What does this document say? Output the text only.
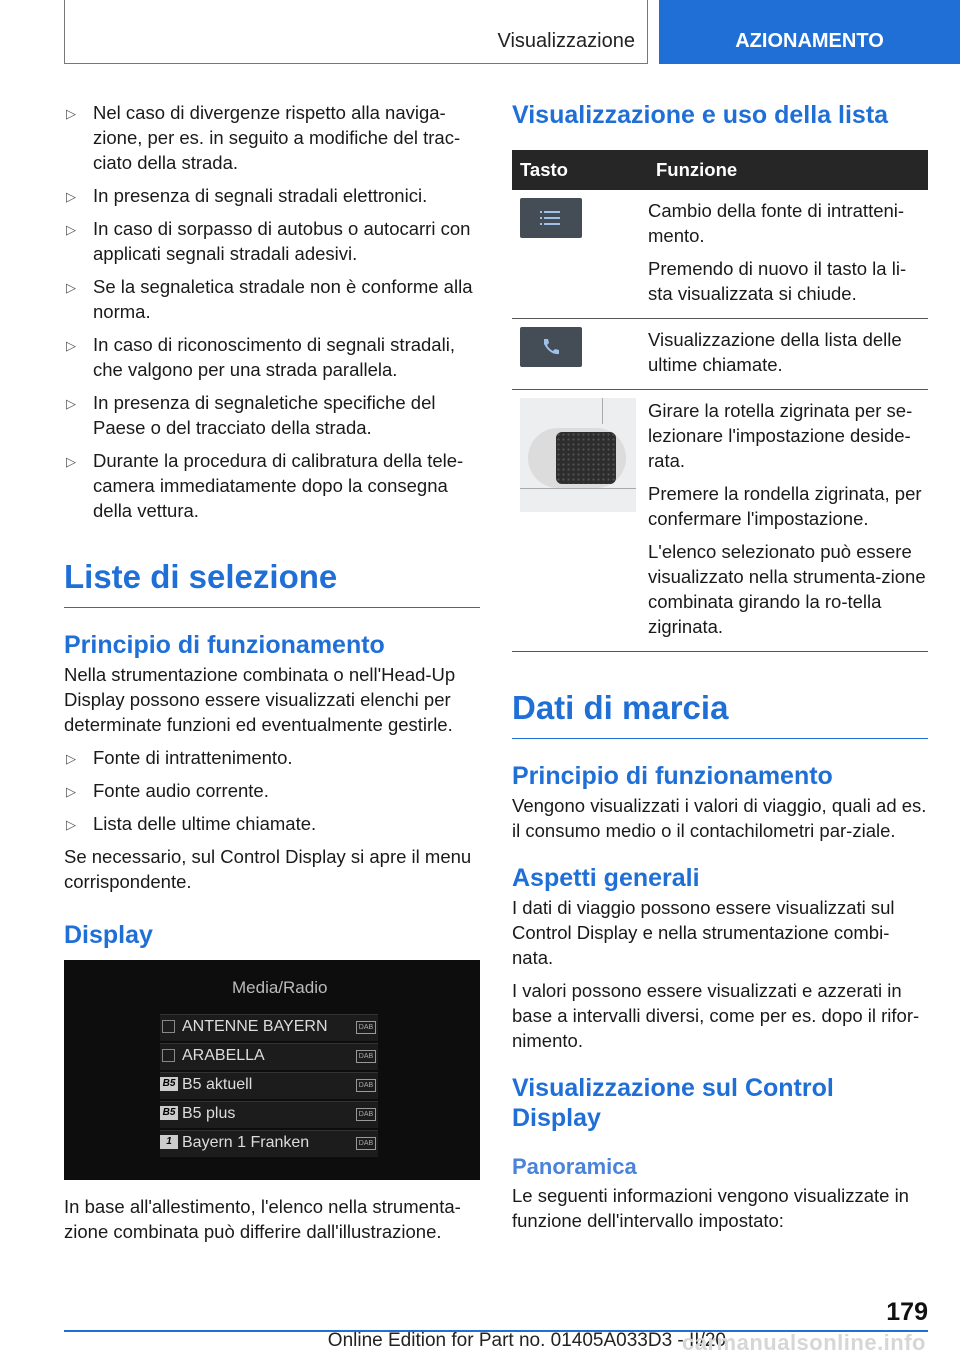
Visualizzazione	AZIONAMENTO
▷ Nel caso di divergenze rispetto alla naviga-zione, per es. in seguito a modifiche del trac-ciato della strada.
▷ In presenza di segnali stradali elettronici.
▷ In caso di sorpasso di autobus o autocarri con applicati segnali stradali adesivi.
▷ Se la segnaletica stradale non è conforme alla norma.
▷ In caso di riconoscimento di segnali stradali, che valgono per una strada parallela.
▷ In presenza di segnaletiche specifiche del Paese o del tracciato della strada.
▷ Durante la procedura di calibratura della tele-camera immediatamente dopo la consegna della vettura.
Liste di selezione
Principio di funzionamento

Nella strumentazione combinata o nell'Head-Up Display possono essere visualizzati elenchi per determinate funzioni ed eventualmente gestirle.

▷ Fonte di intrattenimento.
▷ Fonte audio corrente.
▷ Lista delle ultime chiamate.

Se necessario, sul Control Display si apre il menu corrispondente.

Display
Media/Radio
ANTENNE BAYERN	DAB
ARABELLA	DAB
B5 B5 aktuell	DAB
B5 B5 plus	DAB
1 Bayern 1 Franken	DAB

In base all'allestimento, l'elenco nella strumenta-zione combinata può differire dall'illustrazione.

Visualizzazione e uso della lista
Tasto	Funzione

Cambio della fonte di intratteni-mento.

Premendo di nuovo il tasto la li-sta visualizzata si chiude.

Visualizzazione della lista delle ultime chiamate.

	Girare la rotella zigrinata per se-lezionare l'impostazione deside-rata.

Premere la rondella zigrinata, per confermare l'impostazione.

L'elenco selezionato può essere visualizzato nella strumenta-zione combinata girando la ro-tella zigrinata.

Dati di marcia
Principio di funzionamento

Vengono visualizzati i valori di viaggio, quali ad es. il consumo medio o il contachilometri par-ziale.

Aspetti generali

I dati di viaggio possono essere visualizzati sul Control Display e nella strumentazione combi-nata.

I valori possono essere visualizzati e azzerati in base a intervalli diversi, come per es. dopo il rifor-nimento.

Visualizzazione sul Control Display
Panoramica

Le seguenti informazioni vengono visualizzate in funzione dell'intervallo impostato:

179
Online Edition for Part no. 01405A033D3 - II/20
carmanualsonline.info
